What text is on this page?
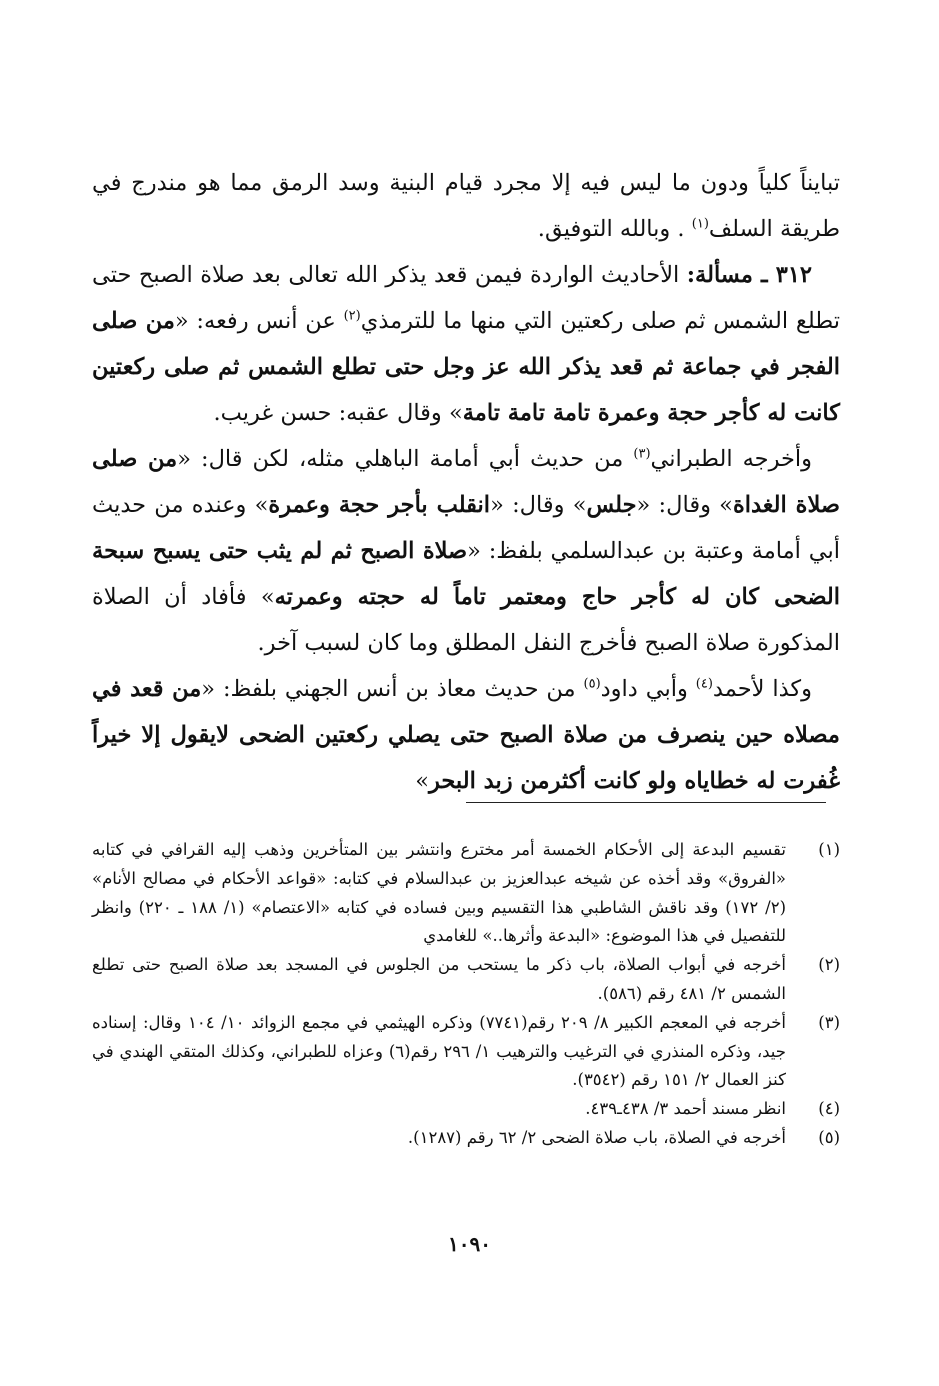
تبايناً كلياً ودون ما ليس فيه إلا مجرد قيام البنية وسد الرمق مما هو مندرج في طريقة السلف$^{(١)}$ . وبالله التوفيق.

٣١٢ ـ مسألة: الأحاديث الواردة فيمن قعد يذكر الله تعالى بعد صلاة الصبح حتى تطلع الشمس ثم صلى ركعتين التي منها ما للترمذي$^{(٢)}$ عن أنس رفعه: «من صلى الفجر في جماعة ثم قعد يذكر الله عز وجل حتى تطلع الشمس ثم صلى ركعتين كانت له كأجر حجة وعمرة تامة تامة تامة» وقال عقبه: حسن غريب.

وأخرجه الطبراني$^{(٣)}$ من حديث أبي أمامة الباهلي مثله، لكن قال: «من صلى صلاة الغداة» وقال: «جلس» وقال: «انقلب بأجر حجة وعمرة» وعنده من حديث أبي أمامة وعتبة بن عبدالسلمي بلفظ: «صلاة الصبح ثم لم يثب حتى يسبح سبحة الضحى كان له كأجر حاج ومعتمر تاماً له حجته وعمرته» فأفاد أن الصلاة المذكورة صلاة الصبح فأخرج النفل المطلق وما كان لسبب آخر.

وكذا لأحمد$^{(٤)}$ وأبي داود$^{(٥)}$ من حديث معاذ بن أنس الجهني بلفظ: «من قعد في مصلاه حين ينصرف من صلاة الصبح حتى يصلي ركعتين الضحى لايقول إلا خيراً غُفرت له خطاياه ولو كانت أكثرمن زبد البحر»

(١)
تقسيم البدعة إلى الأحكام الخمسة أمر مخترع وانتشر بين المتأخرين وذهب إليه القرافي في كتابه «الفروق» وقد أخذه عن شيخه عبدالعزيز بن عبدالسلام في كتابه: «قواعد الأحكام في مصالح الأنام» (٢/ ١٧٢) وقد ناقش الشاطبي هذا التقسيم وبين فساده في كتابه «الاعتصام» (١/ ١٨٨ ـ ٢٢٠) وانظر للتفصيل في هذا الموضوع: «البدعة وأثرها..» للغامدي
(٢)
أخرجه في أبواب الصلاة، باب ذكر ما يستحب من الجلوس في المسجد بعد صلاة الصبح حتى تطلع الشمس ٢/ ٤٨١ رقم (٥٨٦).
(٣)
أخرجه في المعجم الكبير ٨/ ٢٠٩ رقم(٧٧٤١) وذكره الهيثمي في مجمع الزوائد ١٠/ ١٠٤ وقال: إسناده جيد، وذكره المنذري في الترغيب والترهيب ١/ ٢٩٦ رقم(٦) وعزاه للطبراني، وكذلك المتقي الهندي في كنز العمال ٢/ ١٥١ رقم (٣٥٤٢).
(٤)
انظر مسند أحمد ٣/ ٤٣٨ـ٤٣٩.
(٥)
أخرجه في الصلاة، باب صلاة الضحى ٢/ ٦٢ رقم (١٢٨٧).
١٠٩٠
